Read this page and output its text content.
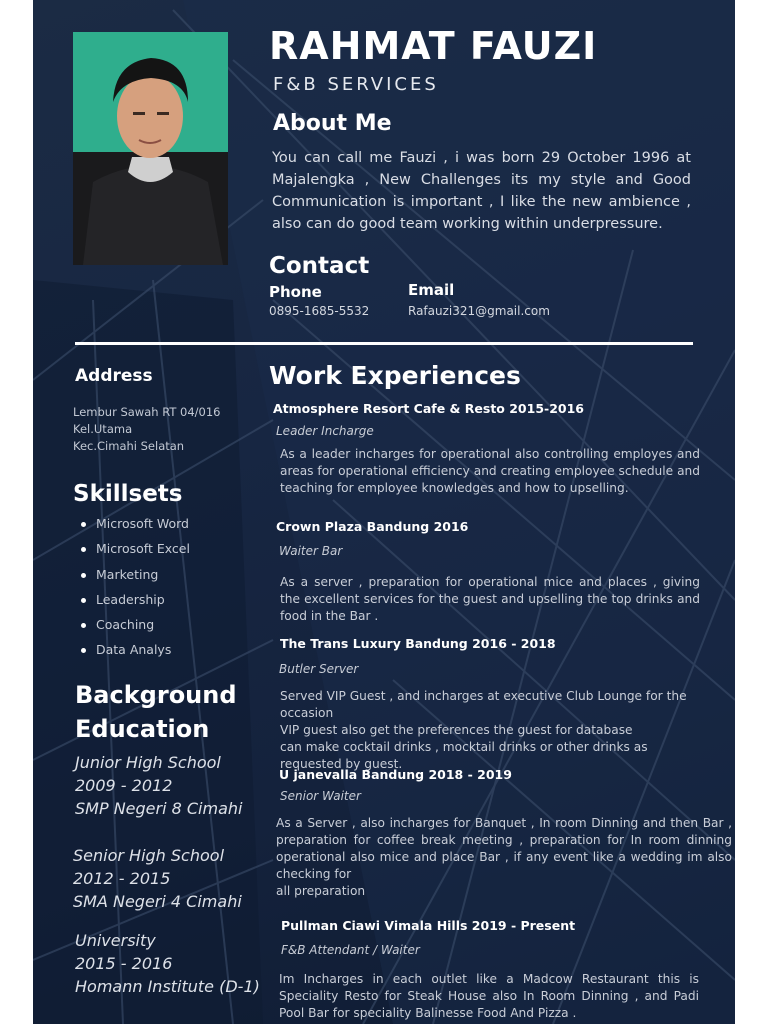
RAHMAT FAUZI
F&B SERVICES
About Me
You can call me Fauzi , i was born 29 October 1996 at Majalengka , New Challenges its my style and Good Communication is important , I like the new ambience , also can do good team working within underpressure.
Contact
Phone
0895-1685-5532
Email
Rafauzi321@gmail.com
Address
Lembur Sawah RT 04/016
Kel.Utama
Kec.Cimahi Selatan
Skillsets
Microsoft Word
Microsoft Excel
Marketing
Leadership
Coaching
Data Analys
Background
Education
Junior High School
2009 - 2012
SMP Negeri 8 Cimahi
Senior High School
2012 - 2015
SMA Negeri 4 Cimahi
University
2015 - 2016
Homann Institute (D-1)
Work Experiences
Atmosphere Resort Cafe & Resto 2015-2016
Leader Incharge
As a leader incharges for operational also controlling employes and areas for operational efficiency and creating employee schedule and teaching for employee knowledges and how to upselling.
Crown Plaza Bandung 2016
Waiter Bar
As a server , preparation for operational mice and places , giving the excellent services for the guest and upselling the top drinks and food in the Bar .
The Trans Luxury Bandung 2016 - 2018
Butler Server
Served VIP Guest , and incharges at executive Club Lounge for the occasion
VIP guest also get the preferences the guest for database
can make cocktail drinks , mocktail drinks or other drinks as requested by guest.
U janevalla Bandung 2018 - 2019
Senior Waiter
As a Server , also incharges for Banquet , In room Dinning and then Bar , preparation for coffee break meeting , preparation for In room dinning operational also mice and place Bar , if any event like a wedding im also checking for
all preparation
Pullman Ciawi Vimala Hills 2019 - Present
F&B Attendant / Waiter
Im Incharges in each outlet like a Madcow Restaurant this is Speciality Resto for Steak House also In Room Dinning , and Padi Pool Bar for speciality Balinesse Food And Pizza .
